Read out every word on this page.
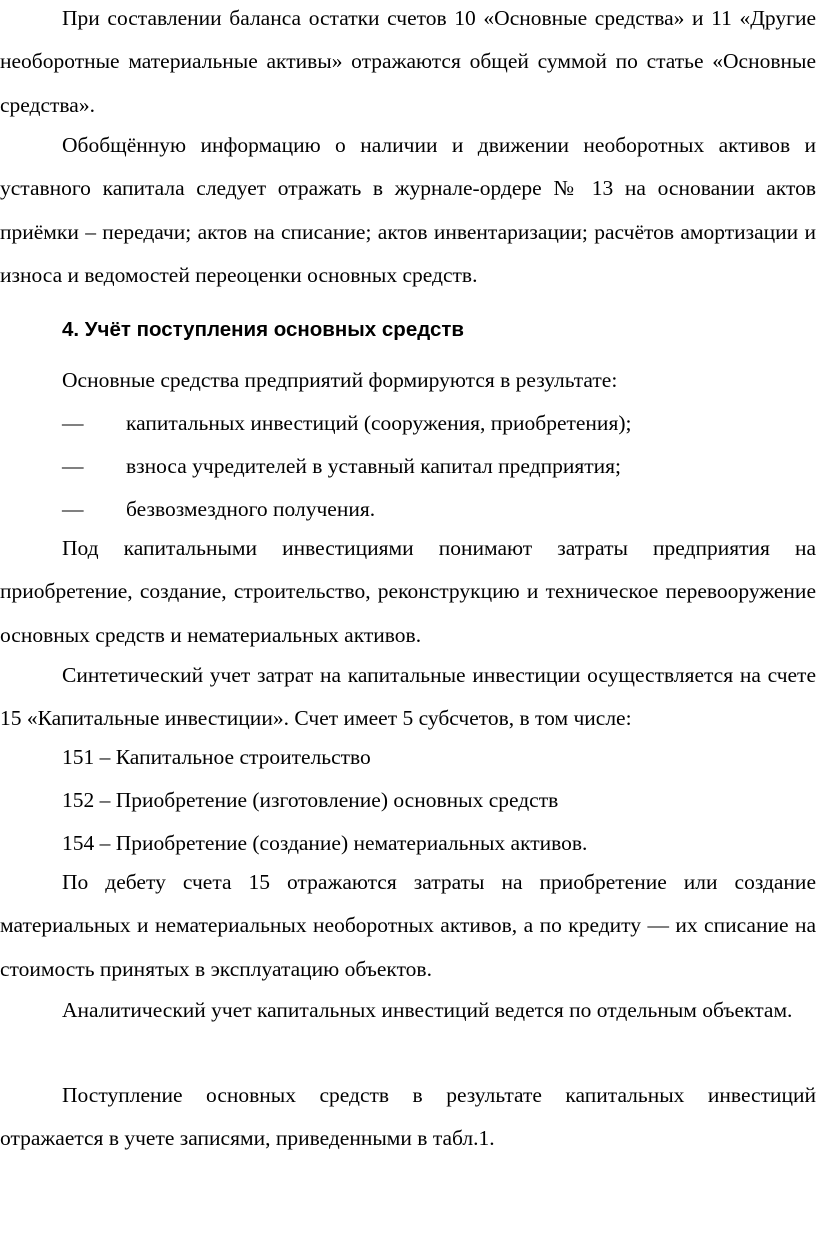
При составлении баланса остатки счетов 10 «Основные средства» и 11 «Другие необоротные материальные активы» отражаются общей суммой по статье «Основные средства».

Обобщённую информацию о наличии и движении необоротных активов и уставного капитала следует отражать в журнале-ордере № 13 на основании актов приёмки – передачи; актов на списание; актов инвентаризации; расчётов амортизации и износа и ведомостей переоценки основных средств.

4. Учёт поступления основных средств

Основные средства предприятий формируются в результате:

— капитальных инвестиций (сооружения, приобретения);

— взноса учредителей в уставный капитал предприятия;

— безвозмездного получения.

Под капитальными инвестициями понимают затраты предприятия на приобретение, создание, строительство, реконструкцию и техническое перевооружение основных средств и нематериальных активов.

Синтетический учет затрат на капитальные инвестиции осуществляется на счете 15 «Капитальные инвестиции». Счет имеет 5 субсчетов, в том числе:

151 – Капитальное строительство

152 – Приобретение (изготовление) основных средств

154 – Приобретение (создание) нематериальных активов.

По дебету счета 15 отражаются затраты на приобретение или создание материальных и нематериальных необоротных активов, а по кредиту — их списание на стоимость принятых в эксплуатацию объектов.

Аналитический учет капитальных инвестиций ведется по отдельным объектам.

Поступление основных средств в результате капитальных инвестиций отражается в учете записями, приведенными в табл.1.
